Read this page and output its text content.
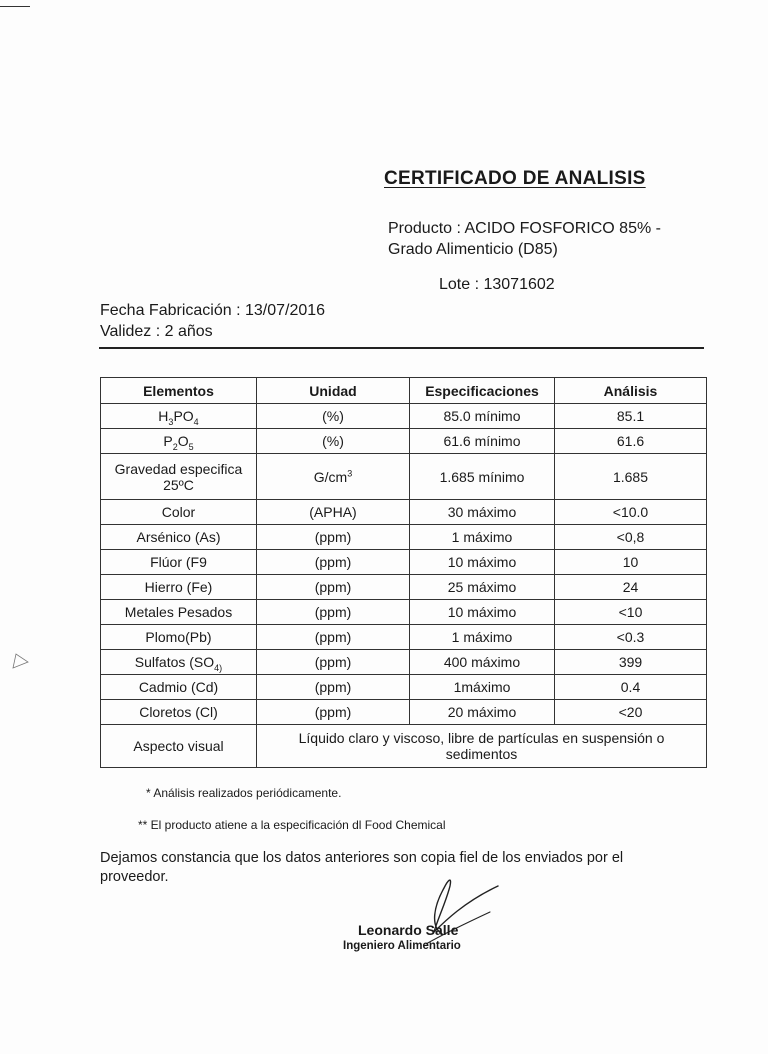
CERTIFICADO DE ANALISIS
Producto : ACIDO FOSFORICO 85% -
Grado Alimenticio (D85)
Lote : 13071602
Fecha Fabricación : 13/07/2016
Validez : 2 años
Elementos	Unidad	Especificaciones	Análisis
$H_3PO_4$	(%)	85.0 mínimo	85.1
$P_2O_5$	(%)	61.6 mínimo	61.6

Gravedad especifica
25ºC	$G/cm^3$	1.685 mínimo	1.685
Color	(APHA)	30 máximo	<10.0
Arsénico (As)	(ppm)	1 máximo	<0,8
Flúor (F9	(ppm)	10 máximo	10
Hierro (Fe)	(ppm)	25 máximo	24
Metales Pesados	(ppm)	10 máximo	<10
Plomo(Pb)	(ppm)	1 máximo	<0.3
Sulfatos ($SO_{4)}$	(ppm)	400 máximo	399
Cadmio (Cd)	(ppm)	1máximo	0.4
Cloretos (Cl)	(ppm)	20 máximo	<20
Aspecto visual	Líquido claro y viscoso, libre de partículas en suspensión o sedimentos		
* Análisis realizados periódicamente.
** El producto atiene a la especificación dl Food Chemical
Dejamos constancia que los datos anteriores son copia fiel de los enviados por el proveedor.
Leonardo Salle
Ingeniero Alimentario
